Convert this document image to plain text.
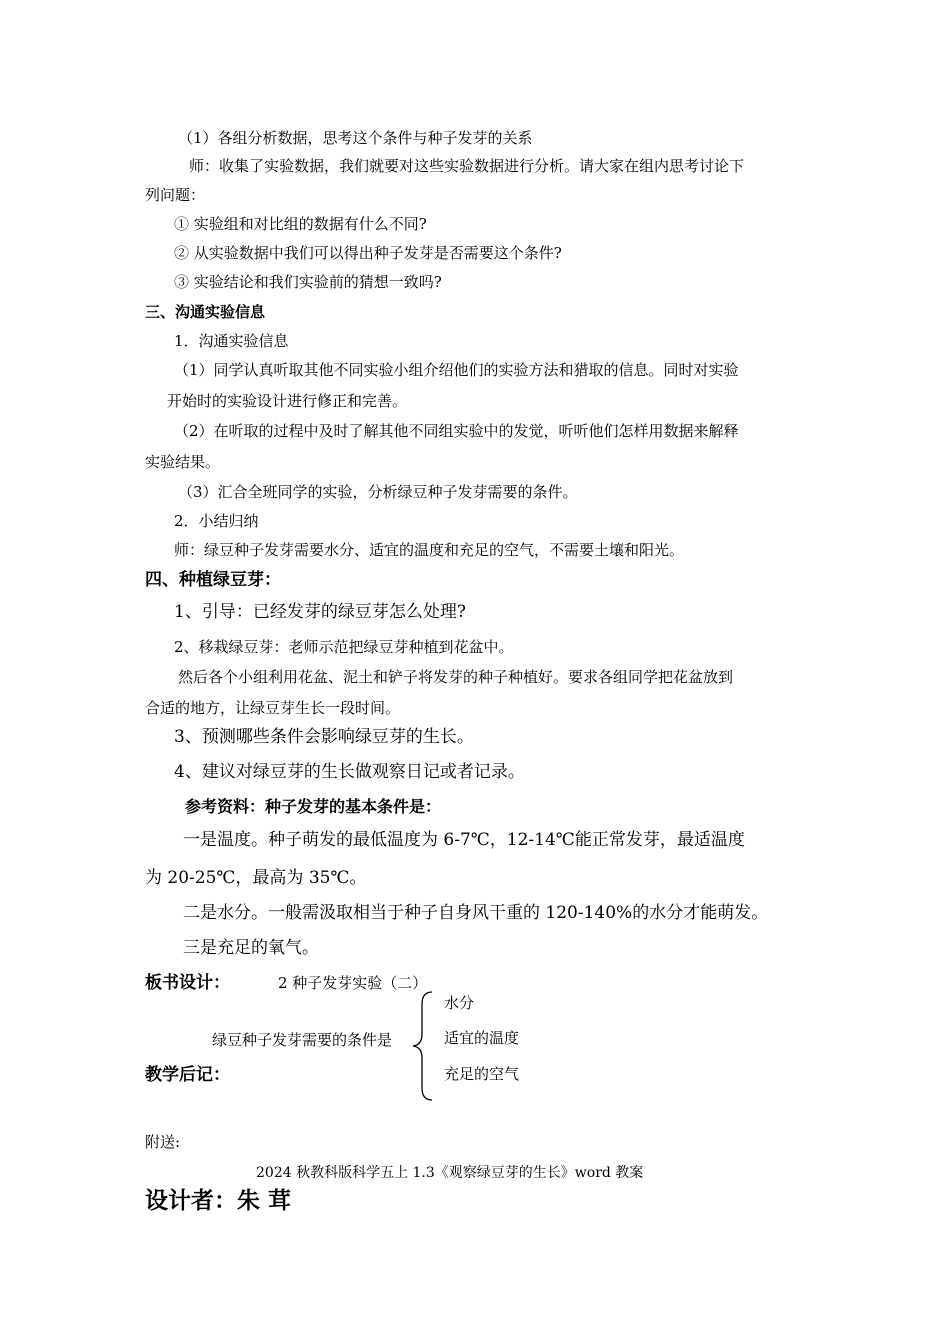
（1）各组分析数据，思考这个条件与种子发芽的关系
师：收集了实验数据，我们就要对这些实验数据进行分析。请大家在组内思考讨论下
列问题：
① 实验组和对比组的数据有什么不同?
② 从实验数据中我们可以得出种子发芽是否需要这个条件?
③ 实验结论和我们实验前的猜想一致吗?
三、沟通实验信息
1．沟通实验信息
（1）同学认真听取其他不同实验小组介绍他们的实验方法和猎取的信息。同时对实验
开始时的实验设计进行修正和完善。
（2）在听取的过程中及时了解其他不同组实验中的发觉，听听他们怎样用数据来解释
实验结果。
（3）汇合全班同学的实验，分析绿豆种子发芽需要的条件。
2．小结归纳
师：绿豆种子发芽需要水分、适宜的温度和充足的空气，不需要土壤和阳光。
四、种植绿豆芽：
1、引导：已经发芽的绿豆芽怎么处理?
2、移栽绿豆芽：老师示范把绿豆芽种植到花盆中。
然后各个小组利用花盆、泥土和铲子将发芽的种子种植好。要求各组同学把花盆放到
合适的地方，让绿豆芽生长一段时间。
3、预测哪些条件会影响绿豆芽的生长。
4、建议对绿豆芽的生长做观察日记或者记录。
参考资料：种子发芽的基本条件是：
一是温度。种子萌发的最低温度为 6-7℃，12-14℃能正常发芽，最适温度
为 20-25℃，最高为 35℃。
二是水分。一般需汲取相当于种子自身风干重的 120-140%的水分才能萌发。
三是充足的氧气。
板书设计：	2 种子发芽实验（二）
水分
绿豆种子发芽需要的条件是	适宜的温度
充足的空气
教学后记：
附送:
2024 秋教科版科学五上 1.3《观察绿豆芽的生长》word 教案
设计者：朱 茸
